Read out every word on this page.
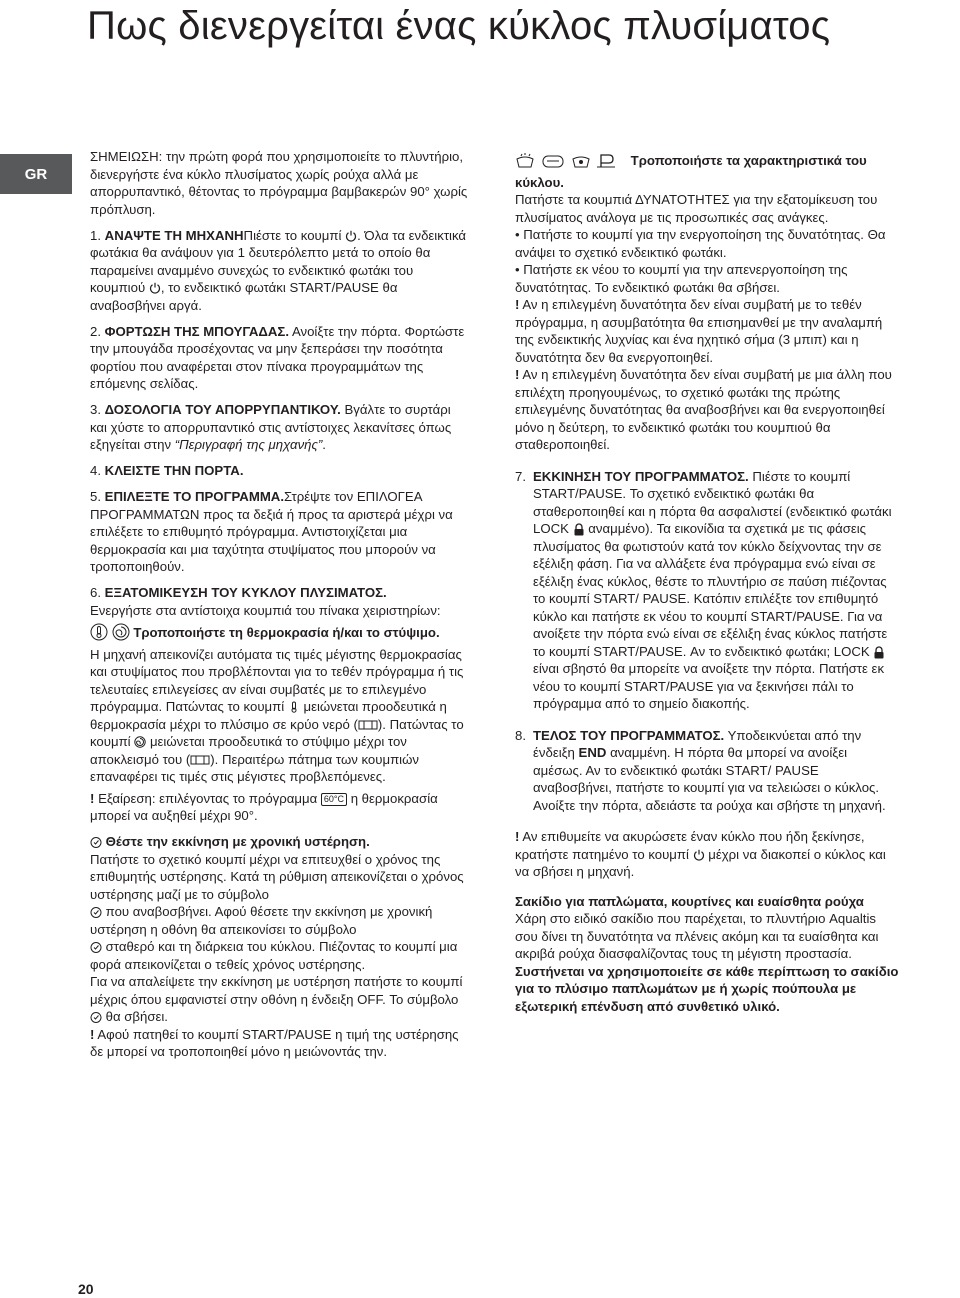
Πως διενεργείται ένας κύκλος πλυσίματος
GR

ΣΗΜΕΙΩΣΗ: την πρώτη φορά που χρησιμοποιείτε το πλυντήριο, διενεργήστε ένα κύκλο πλυσίματος χωρίς ρούχα αλλά με απορρυπαντικό, θέτοντας το πρόγραμμα βαμβακερών 90° χωρίς πρόπλυση.

1. ΑΝΑΨΤΕ ΤΗ ΜΗΧΑΝΗΠιέστε το κουμπί . Όλα τα ενδεικτικά φωτάκια θα ανάψουν για 1 δευτερόλεπτο μετά το οποίο θα παραμείνει αναμμένο συνεχώς το ενδεικτικό φωτάκι του κουμπιού , το ενδεικτικό φωτάκι START/PAUSE θα αναβοσβήνει αργά.

2. ΦΟΡΤΩΣΗ ΤΗΣ ΜΠΟΥΓΑΔΑΣ. Ανοίξτε την πόρτα. Φορτώστε την μπουγάδα προσέχοντας να μην ξεπεράσει την ποσότητα φορτίου που αναφέρεται στον πίνακα προγραμμάτων της επόμενης σελίδας.

3. ΔΟΣΟΛΟΓΙΑ ΤΟΥ ΑΠΟΡΡΥΠΑΝΤΙΚΟΥ. Βγάλτε το συρτάρι και χύστε το απορρυπαντικό στις αντίστοιχες λεκανίτσες όπως εξηγείται στην “Περιγραφή της μηχανής”.

4. ΚΛΕΙΣΤΕ ΤΗΝ ΠΟΡΤΑ.

5. ΕΠΙΛΕΞΤΕ ΤΟ ΠΡΟΓΡΑΜΜΑ.Στρέψτε τον ΕΠΙΛΟΓΕΑ ΠΡΟΓΡΑΜΜΑΤΩΝ προς τα δεξιά ή προς τα αριστερά μέχρι να επιλέξετε το επιθυμητό πρόγραμμα. Αντιστοιχίζεται μια θερμοκρασία και μια ταχύτητα στυψίματος που μπορούν να τροποποιηθούν.

6. ΕΞΑΤΟΜΙΚΕΥΣΗ ΤΟΥ ΚΥΚΛΟΥ ΠΛΥΣΙΜΑΤΟΣ.
Ενεργήστε στα αντίστοιχα κουμπιά του πίνακα χειριστηρίων:

Τροποποιήστε τη θερμοκρασία ή/και το στύψιμο.
Η μηχανή απεικονίζει αυτόματα τις τιμές μέγιστης θερμοκρασίας και στυψίματος που προβλέπονται για το τεθέν πρόγραμμα ή τις τελευταίες επιλεγείσες αν είναι συμβατές με το επιλεγμένο πρόγραμμα. Πατώντας το κουμπί μειώνεται προοδευτικά η θερμοκρασία μέχρι το πλύσιμο σε κρύο νερό ( ). Πατώντας το κουμπί μειώνεται προοδευτικά το στύψιμο μέχρι τον αποκλεισμό του ( ). Περαιτέρω πάτημα των κουμπιών επαναφέρει τις τιμές στις μέγιστες προβλεπόμενες.

! Εξαίρεση: επιλέγοντας το πρόγραμμα 60°C η θερμοκρασία μπορεί να αυξηθεί μέχρι 90°.

Θέστε την εκκίνηση με χρονική υστέρηση.
Πατήστε το σχετικό κουμπί μέχρι να επιτευχθεί ο χρόνος της επιθυμητής υστέρησης. Κατά τη ρύθμιση απεικονίζεται ο χρόνος υστέρησης μαζί με το σύμβολο

που αναβοσβήνει. Αφού θέσετε την εκκίνηση με χρονική υστέρηση η οθόνη θα απεικονίσει το σύμβολο

σταθερό και τη διάρκεια του κύκλου. Πιέζοντας το κουμπί μια φορά απεικονίζεται ο τεθείς χρόνος υστέρησης.
Για να απαλείψετε την εκκίνηση με υστέρηση πατήστε το κουμπί μέχρις όπου εμφανιστεί στην οθόνη η ένδειξη OFF. Το σύμβολο
θα σβήσει.
! Αφού πατηθεί το κουμπί START/PAUSE η τιμή της υστέρησης δε μπορεί να τροποποιηθεί μόνο η μειώνοντάς την.

Τροποποιήστε τα χαρακτηριστικά του κύκλου.
Πατήστε τα κουμπιά ΔΥΝΑΤΟΤΗΤΕΣ για την εξατομίκευση του πλυσίματος ανάλογα με τις προσωπικές σας ανάγκες.
• Πατήστε το κουμπί για την ενεργοποίηση της δυνατότητας. Θα ανάψει το σχετικό ενδεικτικό φωτάκι.
• Πατήστε εκ νέου το κουμπί για την απενεργοποίηση της δυνατότητας. Το ενδεικτικό φωτάκι θα σβήσει.
! Αν η επιλεγμένη δυνατότητα δεν είναι συμβατή με το τεθέν πρόγραμμα, η ασυμβατότητα θα επισημανθεί με την αναλαμπή της ενδεικτικής λυχνίας και ένα ηχητικό σήμα (3 μπιπ) και η δυνατότητα δεν θα ενεργοποιηθεί.
! Αν η επιλεγμένη δυνατότητα δεν είναι συμβατή με μια άλλη που επιλέχτη προηγουμένως, το σχετικό φωτάκι της πρώτης επιλεγμένης δυνατότητας θα αναβοσβήνει και θα ενεργοποιηθεί μόνο η δεύτερη, το ενδεικτικό φωτάκι του κουμπιού θα σταθεροποιηθεί.

7. ΕΚΚΙΝΗΣΗ ΤΟΥ ΠΡΟΓΡΑΜΜΑΤΟΣ. Πιέστε το κουμπί START/PAUSE. Το σχετικό ενδεικτικό φωτάκι θα σταθεροποιηθεί και η πόρτα θα ασφαλιστεί (ενδεικτικό φωτάκι LOCK αναμμένο). Τα εικονίδια τα σχετικά με τις φάσεις πλυσίματος θα φωτιστούν κατά τον κύκλο δείχνοντας την σε εξέλιξη φάση. Για να αλλάξετε ένα πρόγραμμα ενώ είναι σε εξέλιξη ένας κύκλος, θέστε το πλυντήριο σε παύση πιέζοντας το κουμπί START/ PAUSE. Κατόπιν επιλέξτε τον επιθυμητό κύκλο και πατήστε εκ νέου το κουμπί START/PAUSE. Για να ανοίξετε την πόρτα ενώ είναι σε εξέλιξη ένας κύκλος πατήστε το κουμπί START/PAUSE. Αν το ενδεικτικό φωτάκι; LOCK
είναι σβηστό θα μπορείτε να ανοίξετε την πόρτα. Πατήστε εκ νέου το κουμπί START/PAUSE για να ξεκινήσει πάλι το πρόγραμμα από το σημείο διακοπής.

8. ΤΕΛΟΣ ΤΟΥ ΠΡΟΓΡΑΜΜΑΤΟΣ. Υποδεικνύεται από την ένδειξη END αναμμένη. Η πόρτα θα μπορεί να ανοίξει αμέσως. Αν το ενδεικτικό φωτάκι START/ PAUSE αναβοσβήνει, πατήστε το κουμπί για να τελειώσει ο κύκλος. Ανοίξτε την πόρτα, αδειάστε τα ρούχα και σβήστε τη μηχανή.

! Αν επιθυμείτε να ακυρώσετε έναν κύκλο που ήδη ξεκίνησε, κρατήστε πατημένο το κουμπί μέχρι να διακοπεί ο κύκλος και να σβήσει η μηχανή.

Σακίδιο για παπλώματα, κουρτίνες και ευαίσθητα ρούχα
Χάρη στο ειδικό σακίδιο που παρέχεται, το πλυντήριο Aqualtis σου δίνει τη δυνατότητα να πλένεις ακόμη και τα ευαίσθητα και ακριβά ρούχα διασφαλίζοντας τους τη μέγιστη προστασία. Συστήνεται να χρησιμοποιείτε σε κάθε περίπτωση το σακίδιο για το πλύσιμο παπλωμάτων με ή χωρίς πούπουλα με εξωτερική επένδυση από συνθετικό υλικό.

20
